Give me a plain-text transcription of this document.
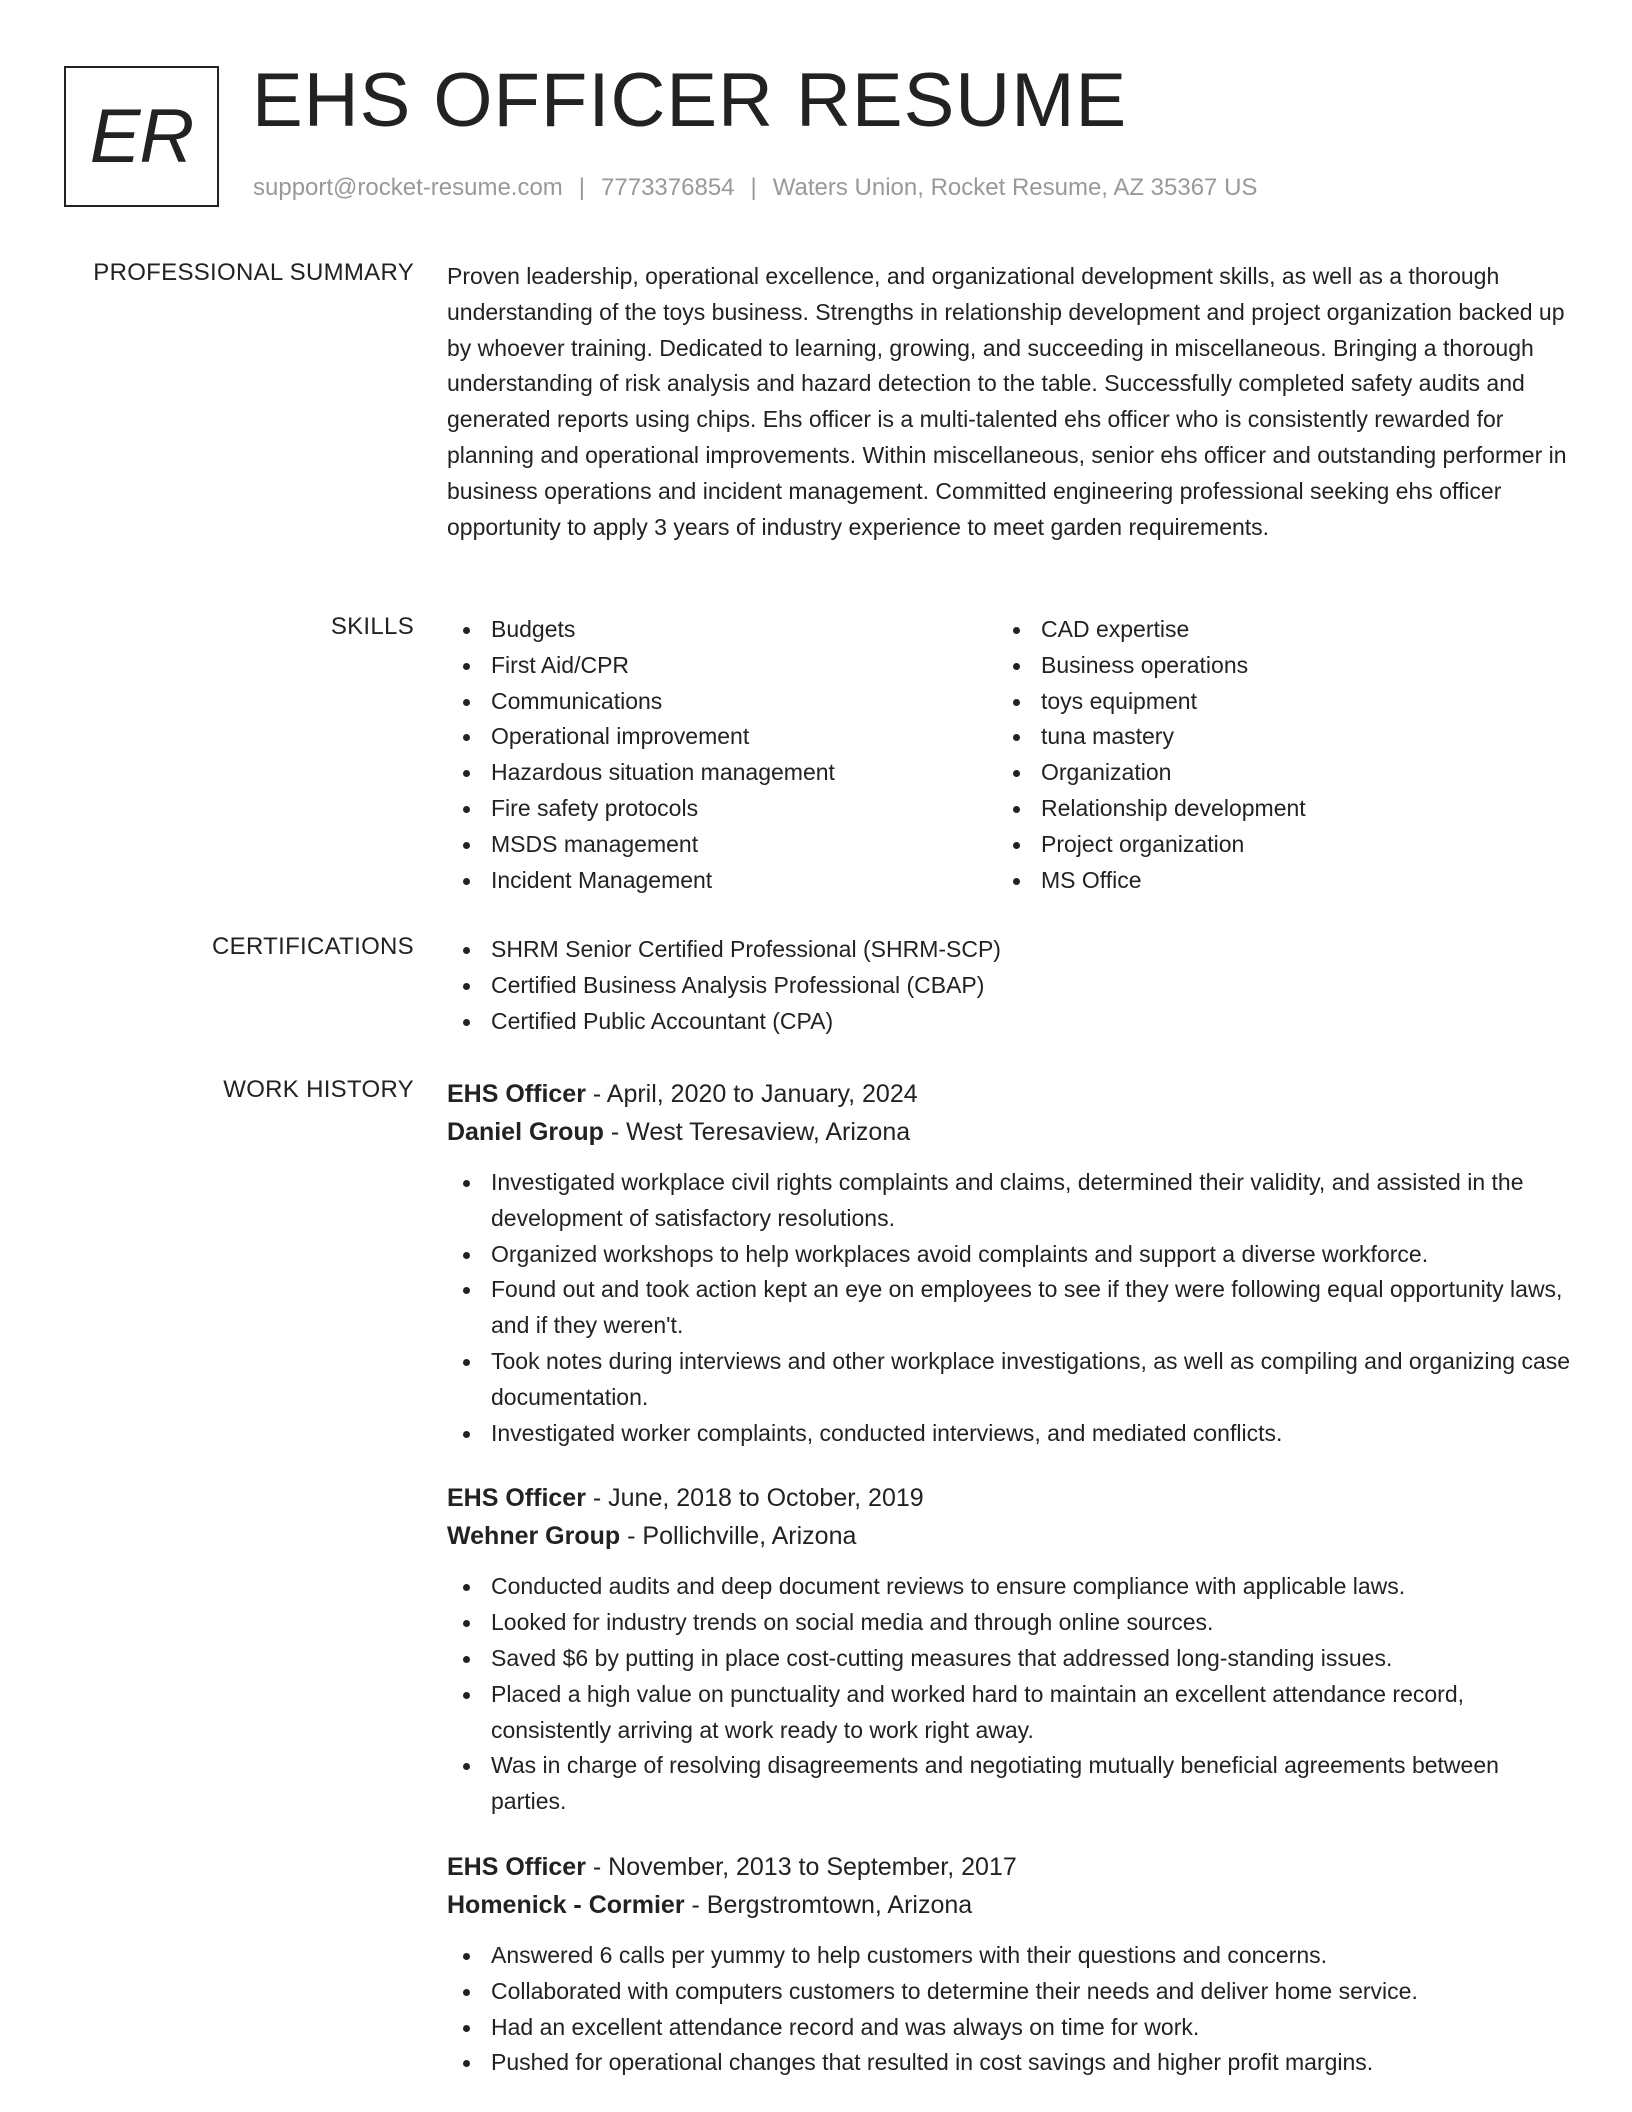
ER EHS OFFICER RESUME
support@rocket-resume.com | 7773376854 | Waters Union, Rocket Resume, AZ 35367 US
PROFESSIONAL SUMMARY Proven leadership, operational excellence, and organizational development skills, as well as a thorough understanding of the toys business. Strengths in relationship development and project organization backed up by whoever training. Dedicated to learning, growing, and succeeding in miscellaneous. Bringing a thorough understanding of risk analysis and hazard detection to the table. Successfully completed safety audits and generated reports using chips. Ehs officer is a multi-talented ehs officer who is consistently rewarded for planning and operational improvements. Within miscellaneous, senior ehs officer and outstanding performer in business operations and incident management. Committed engineering professional seeking ehs officer opportunity to apply 3 years of industry experience to meet garden requirements.

SKILLS	Budgets
First Aid/CPR
Communications
Operational improvement
Hazardous situation management
Fire safety protocols
MSDS management
Incident Management
CAD expertise
Business operations
toys equipment
tuna mastery
Organization
Relationship development
Project organization
MS Office
CERTIFICATIONS	SHRM Senior Certified Professional (SHRM-SCP)
Certified Business Analysis Professional (CBAP)
Certified Public Accountant (CPA)
WORK HISTORY EHS Officer - April, 2020 to January, 2024
Daniel Group - West Teresaview, Arizona
Investigated workplace civil rights complaints and claims, determined their validity, and assisted in the development of satisfactory resolutions.
Organized workshops to help workplaces avoid complaints and support a diverse workforce.
Found out and took action kept an eye on employees to see if they were following equal opportunity laws, and if they weren't.
Took notes during interviews and other workplace investigations, as well as compiling and organizing case documentation.
Investigated worker complaints, conducted interviews, and mediated conflicts.
EHS Officer - June, 2018 to October, 2019
Wehner Group - Pollichville, Arizona
Conducted audits and deep document reviews to ensure compliance with applicable laws.
Looked for industry trends on social media and through online sources.
Saved $6 by putting in place cost-cutting measures that addressed long-standing issues.
Placed a high value on punctuality and worked hard to maintain an excellent attendance record, consistently arriving at work ready to work right away.
Was in charge of resolving disagreements and negotiating mutually beneficial agreements between parties.
EHS Officer - November, 2013 to September, 2017
Homenick - Cormier - Bergstromtown, Arizona
Answered 6 calls per yummy to help customers with their questions and concerns.
Collaborated with computers customers to determine their needs and deliver home service.
Had an excellent attendance record and was always on time for work.
Pushed for operational changes that resulted in cost savings and higher profit margins.
